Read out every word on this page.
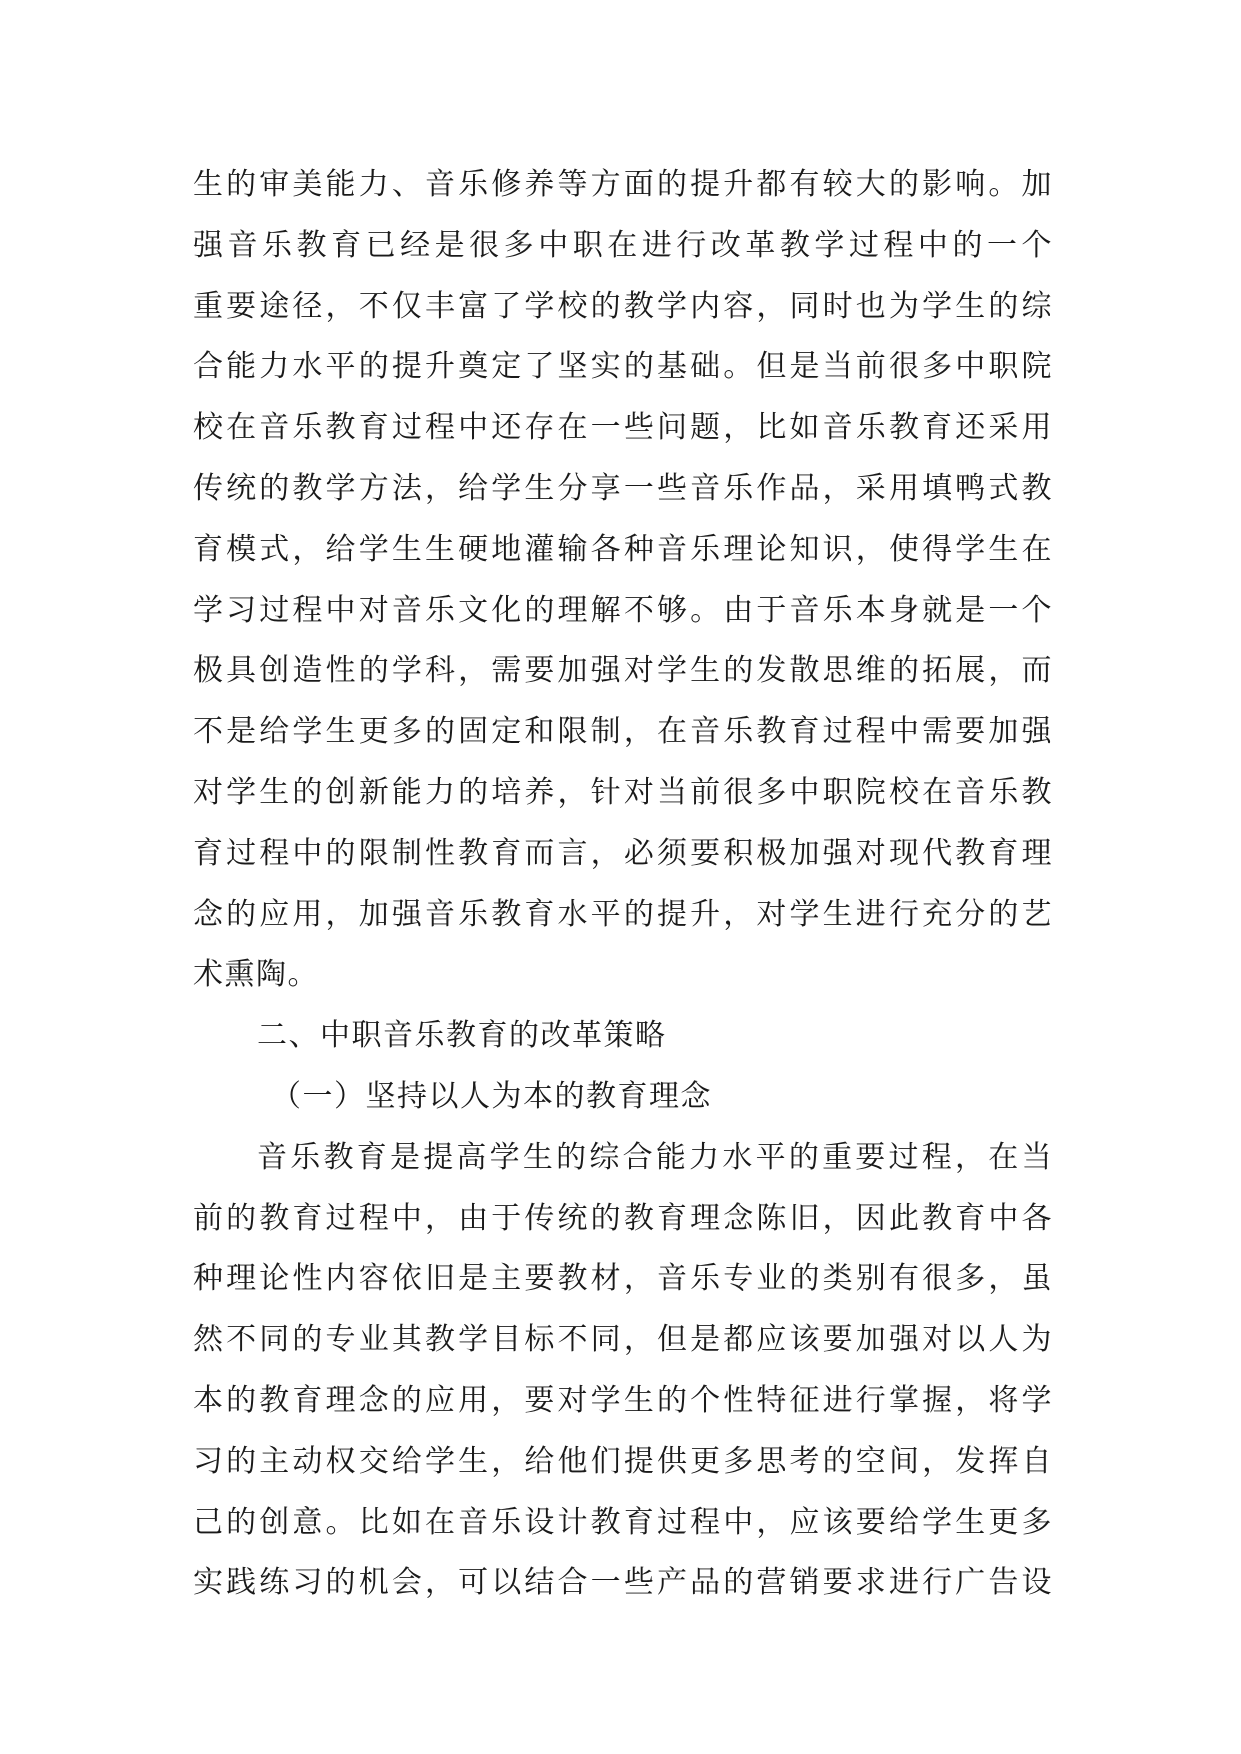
生的审美能力、音乐修养等方面的提升都有较大的影响。加
强音乐教育已经是很多中职在进行改革教学过程中的一个
重要途径，不仅丰富了学校的教学内容，同时也为学生的综
合能力水平的提升奠定了坚实的基础。但是当前很多中职院
校在音乐教育过程中还存在一些问题，比如音乐教育还采用
传统的教学方法，给学生分享一些音乐作品，采用填鸭式教
育模式，给学生生硬地灌输各种音乐理论知识，使得学生在
学习过程中对音乐文化的理解不够。由于音乐本身就是一个
极具创造性的学科，需要加强对学生的发散思维的拓展，而
不是给学生更多的固定和限制，在音乐教育过程中需要加强
对学生的创新能力的培养，针对当前很多中职院校在音乐教
育过程中的限制性教育而言，必须要积极加强对现代教育理
念的应用，加强音乐教育水平的提升，对学生进行充分的艺
术熏陶。
二、中职音乐教育的改革策略
（一）坚持以人为本的教育理念
音乐教育是提高学生的综合能力水平的重要过程，在当
前的教育过程中，由于传统的教育理念陈旧，因此教育中各
种理论性内容依旧是主要教材，音乐专业的类别有很多，虽
然不同的专业其教学目标不同，但是都应该要加强对以人为
本的教育理念的应用，要对学生的个性特征进行掌握，将学
习的主动权交给学生，给他们提供更多思考的空间，发挥自
己的创意。比如在音乐设计教育过程中，应该要给学生更多
实践练习的机会，可以结合一些产品的营销要求进行广告设
